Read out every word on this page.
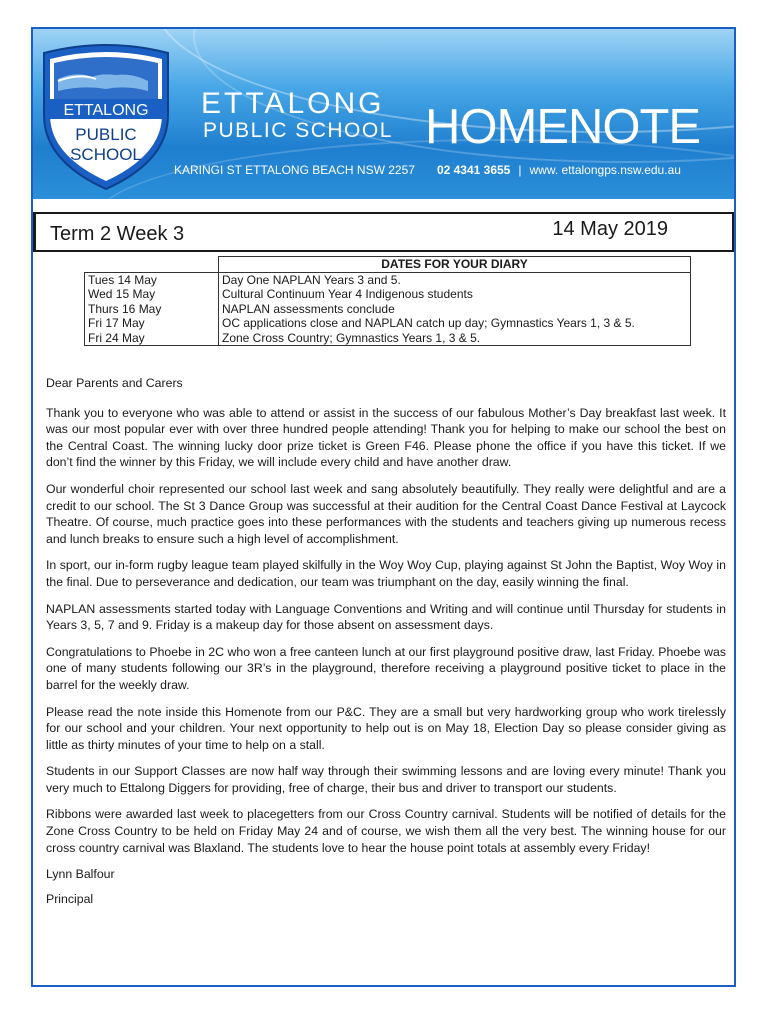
ETTALONG
PUBLIC
SCHOOL
ETTALONG
PUBLIC SCHOOL HOMENOTE
KARINGI ST ETTALONG BEACH NSW 2257 02 4341 3655 | www. ettalongps.nsw.edu.au
Term 2 Week 3	14 May 2019
	DATES FOR YOUR DIARY
Tues 14 May	Day One NAPLAN Years 3 and 5.
Wed 15 May	Cultural Continuum Year 4 Indigenous students
Thurs 16 May	NAPLAN assessments conclude
Fri 17 May	OC applications close and NAPLAN catch up day; Gymnastics Years 1, 3 & 5.
Fri 24 May	Zone Cross Country; Gymnastics Years 1, 3 & 5.

Dear Parents and Carers

Thank you to everyone who was able to attend or assist in the success of our fabulous Mother’s Day breakfast last week. It was our most popular ever with over three hundred people attending! Thank you for helping to make our school the best on the Central Coast. The winning lucky door prize ticket is Green F46. Please phone the office if you have this ticket. If we don’t find the winner by this Friday, we will include every child and have another draw.

Our wonderful choir represented our school last week and sang absolutely beautifully. They really were delightful and are a credit to our school. The St 3 Dance Group was successful at their audition for the Central Coast Dance Festival at Laycock Theatre. Of course, much practice goes into these performances with the students and teachers giving up numerous recess and lunch breaks to ensure such a high level of accomplishment.

In sport, our in-form rugby league team played skilfully in the Woy Woy Cup, playing against St John the Baptist, Woy Woy in the final. Due to perseverance and dedication, our team was triumphant on the day, easily winning the final.

NAPLAN assessments started today with Language Conventions and Writing and will continue until Thursday for students in Years 3, 5, 7 and 9. Friday is a makeup day for those absent on assessment days.

Congratulations to Phoebe in 2C who won a free canteen lunch at our first playground positive draw, last Friday. Phoebe was one of many students following our 3R’s in the playground, therefore receiving a playground positive ticket to place in the barrel for the weekly draw.

Please read the note inside this Homenote from our P&C. They are a small but very hardworking group who work tirelessly for our school and your children. Your next opportunity to help out is on May 18, Election Day so please consider giving as little as thirty minutes of your time to help on a stall.

Students in our Support Classes are now half way through their swimming lessons and are loving every minute! Thank you very much to Ettalong Diggers for providing, free of charge, their bus and driver to transport our students.

Ribbons were awarded last week to placegetters from our Cross Country carnival. Students will be notified of details for the Zone Cross Country to be held on Friday May 24 and of course, we wish them all the very best. The winning house for our cross country carnival was Blaxland. The students love to hear the house point totals at assembly every Friday!

Lynn Balfour

Principal
